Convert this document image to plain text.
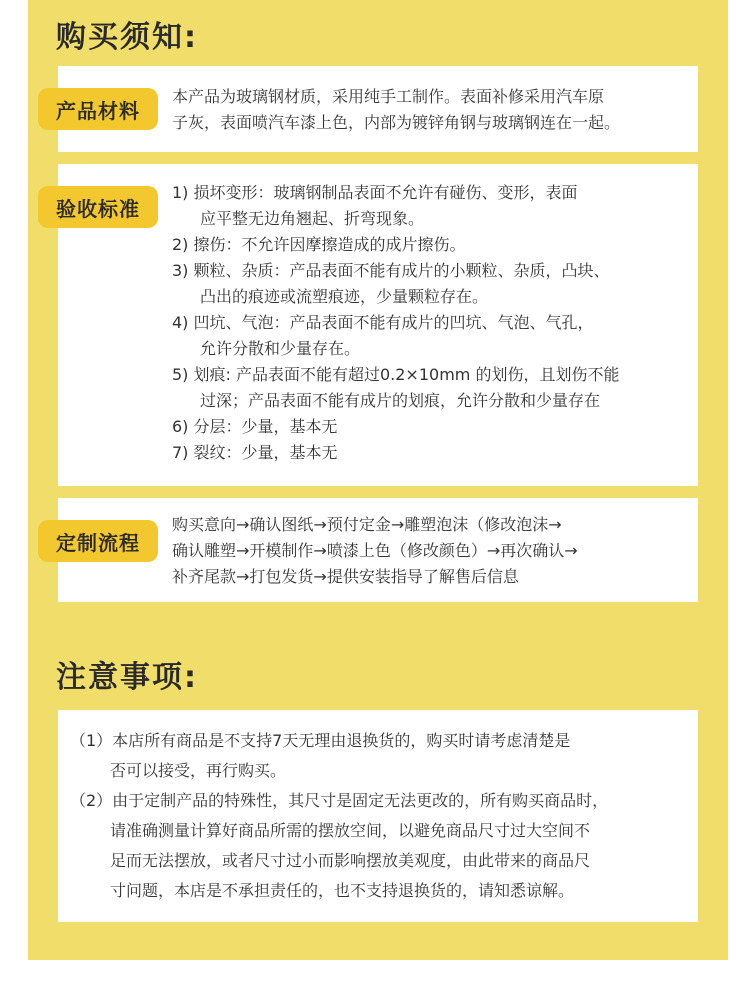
购买须知:
产品材料
本产品为玻璃钢材质，采用纯手工制作。表面补修采用汽车原
子灰，表面喷汽车漆上色，内部为镀锌角钢与玻璃钢连在一起。
验收标准
1) 损坏变形：玻璃钢制品表面不允许有碰伤、变形，表面
应平整无边角翘起、折弯现象。
2) 擦伤：不允许因摩擦造成的成片擦伤。
3) 颗粒、杂质：产品表面不能有成片的小颗粒、杂质，凸块、
凸出的痕迹或流塑痕迹，少量颗粒存在。
4) 凹坑、气泡：产品表面不能有成片的凹坑、气泡、气孔，
允许分散和少量存在。
5) 划痕: 产品表面不能有超过0.2×10mm 的划伤，且划伤不能
过深；产品表面不能有成片的划痕，允许分散和少量存在
6) 分层：少量，基本无
7) 裂纹：少量，基本无
定制流程
购买意向→确认图纸→预付定金→雕塑泡沫（修改泡沫→
确认雕塑→开模制作→喷漆上色（修改颜色）→再次确认→
补齐尾款→打包发货→提供安装指导了解售后信息
注意事项:
（1）本店所有商品是不支持7天无理由退换货的，购买时请考虑清楚是
否可以接受，再行购买。
（2）由于定制产品的特殊性，其尺寸是固定无法更改的，所有购买商品时，
请准确测量计算好商品所需的摆放空间，以避免商品尺寸过大空间不
足而无法摆放，或者尺寸过小而影响摆放美观度，由此带来的商品尺
寸问题，本店是不承担责任的，也不支持退换货的，请知悉谅解。
